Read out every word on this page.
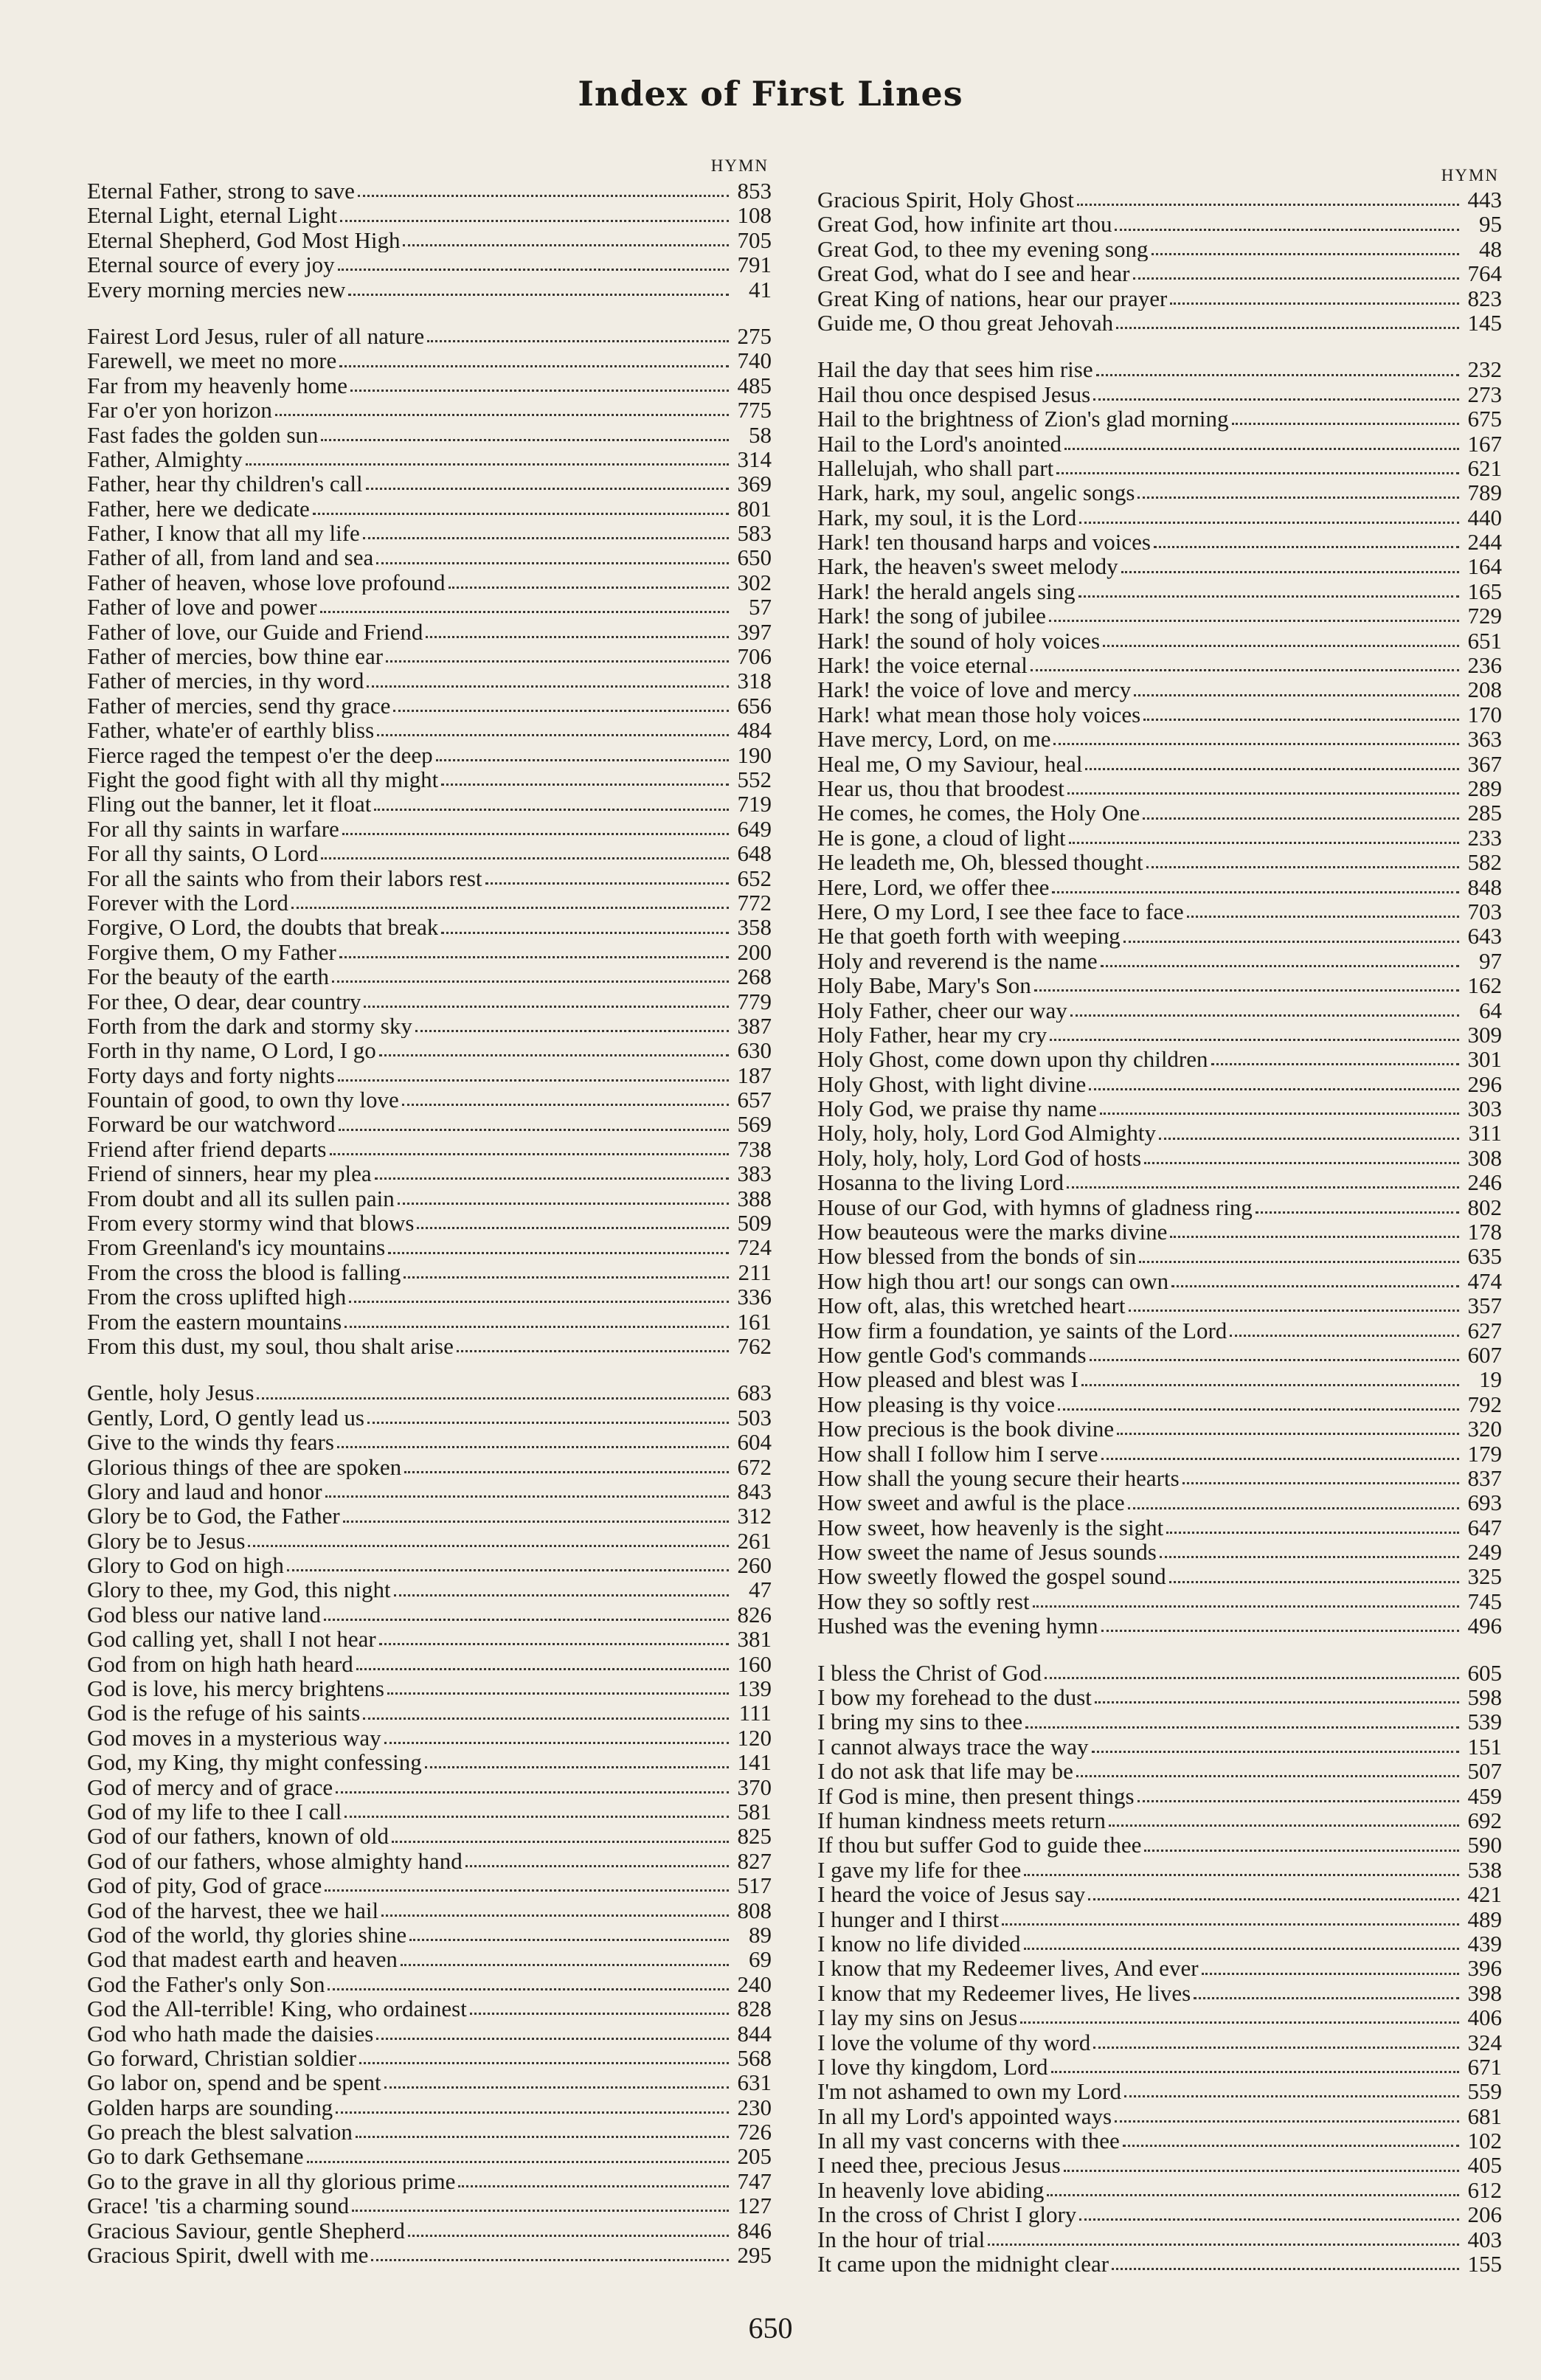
Index of First Lines
HYMN
Eternal Father, strong to save	853
Eternal Light, eternal Light	108
Eternal Shepherd, God Most High	705
Eternal source of every joy	791
Every morning mercies new	41
Fairest Lord Jesus, ruler of all nature	275
Farewell, we meet no more	740
Far from my heavenly home	485
Far o'er yon horizon	775
Fast fades the golden sun	58
Father, Almighty	314
Father, hear thy children's call	369
Father, here we dedicate	801
Father, I know that all my life	583
Father of all, from land and sea	650
Father of heaven, whose love profound	302
Father of love and power	57
Father of love, our Guide and Friend	397
Father of mercies, bow thine ear	706
Father of mercies, in thy word	318
Father of mercies, send thy grace	656
Father, whate'er of earthly bliss	484
Fierce raged the tempest o'er the deep	190
Fight the good fight with all thy might	552
Fling out the banner, let it float	719
For all thy saints in warfare	649
For all thy saints, O Lord	648
For all the saints who from their labors rest	652
Forever with the Lord	772
Forgive, O Lord, the doubts that break	358
Forgive them, O my Father	200
For the beauty of the earth	268
For thee, O dear, dear country	779
Forth from the dark and stormy sky	387
Forth in thy name, O Lord, I go	630
Forty days and forty nights	187
Fountain of good, to own thy love	657
Forward be our watchword	569
Friend after friend departs	738
Friend of sinners, hear my plea	383
From doubt and all its sullen pain	388
From every stormy wind that blows	509
From Greenland's icy mountains	724
From the cross the blood is falling	211
From the cross uplifted high	336
From the eastern mountains	161
From this dust, my soul, thou shalt arise	762
Gentle, holy Jesus	683
Gently, Lord, O gently lead us	503
Give to the winds thy fears	604
Glorious things of thee are spoken	672
Glory and laud and honor	843
Glory be to God, the Father	312
Glory be to Jesus	261
Glory to God on high	260
Glory to thee, my God, this night	47
God bless our native land	826
God calling yet, shall I not hear	381
God from on high hath heard	160
God is love, his mercy brightens	139
God is the refuge of his saints	111
God moves in a mysterious way	120
God, my King, thy might confessing	141
God of mercy and of grace	370
God of my life to thee I call	581
God of our fathers, known of old	825
God of our fathers, whose almighty hand	827
God of pity, God of grace	517
God of the harvest, thee we hail	808
God of the world, thy glories shine	89
God that madest earth and heaven	69
God the Father's only Son	240
God the All-terrible! King, who ordainest	828
God who hath made the daisies	844
Go forward, Christian soldier	568
Go labor on, spend and be spent	631
Golden harps are sounding	230
Go preach the blest salvation	726
Go to dark Gethsemane	205
Go to the grave in all thy glorious prime	747
Grace! 'tis a charming sound	127
Gracious Saviour, gentle Shepherd	846
Gracious Spirit, dwell with me	295
HYMN
Gracious Spirit, Holy Ghost	443
Great God, how infinite art thou	95
Great God, to thee my evening song	48
Great God, what do I see and hear	764
Great King of nations, hear our prayer	823
Guide me, O thou great Jehovah	145
Hail the day that sees him rise	232
Hail thou once despised Jesus	273
Hail to the brightness of Zion's glad morning	675
Hail to the Lord's anointed	167
Hallelujah, who shall part	621
Hark, hark, my soul, angelic songs	789
Hark, my soul, it is the Lord	440
Hark! ten thousand harps and voices	244
Hark, the heaven's sweet melody	164
Hark! the herald angels sing	165
Hark! the song of jubilee	729
Hark! the sound of holy voices	651
Hark! the voice eternal	236
Hark! the voice of love and mercy	208
Hark! what mean those holy voices	170
Have mercy, Lord, on me	363
Heal me, O my Saviour, heal	367
Hear us, thou that broodest	289
He comes, he comes, the Holy One	285
He is gone, a cloud of light	233
He leadeth me, Oh, blessed thought	582
Here, Lord, we offer thee	848
Here, O my Lord, I see thee face to face	703
He that goeth forth with weeping	643
Holy and reverend is the name	97
Holy Babe, Mary's Son	162
Holy Father, cheer our way	64
Holy Father, hear my cry	309
Holy Ghost, come down upon thy children	301
Holy Ghost, with light divine	296
Holy God, we praise thy name	303
Holy, holy, holy, Lord God Almighty	311
Holy, holy, holy, Lord God of hosts	308
Hosanna to the living Lord	246
House of our God, with hymns of gladness ring	802
How beauteous were the marks divine	178
How blessed from the bonds of sin	635
How high thou art! our songs can own	474
How oft, alas, this wretched heart	357
How firm a foundation, ye saints of the Lord	627
How gentle God's commands	607
How pleased and blest was I	19
How pleasing is thy voice	792
How precious is the book divine	320
How shall I follow him I serve	179
How shall the young secure their hearts	837
How sweet and awful is the place	693
How sweet, how heavenly is the sight	647
How sweet the name of Jesus sounds	249
How sweetly flowed the gospel sound	325
How they so softly rest	745
Hushed was the evening hymn	496
I bless the Christ of God	605
I bow my forehead to the dust	598
I bring my sins to thee	539
I cannot always trace the way	151
I do not ask that life may be	507
If God is mine, then present things	459
If human kindness meets return	692
If thou but suffer God to guide thee	590
I gave my life for thee	538
I heard the voice of Jesus say	421
I hunger and I thirst	489
I know no life divided	439
I know that my Redeemer lives, And ever	396
I know that my Redeemer lives, He lives	398
I lay my sins on Jesus	406
I love the volume of thy word	324
I love thy kingdom, Lord	671
I'm not ashamed to own my Lord	559
In all my Lord's appointed ways	681
In all my vast concerns with thee	102
I need thee, precious Jesus	405
In heavenly love abiding	612
In the cross of Christ I glory	206
In the hour of trial	403
It came upon the midnight clear	155
650
